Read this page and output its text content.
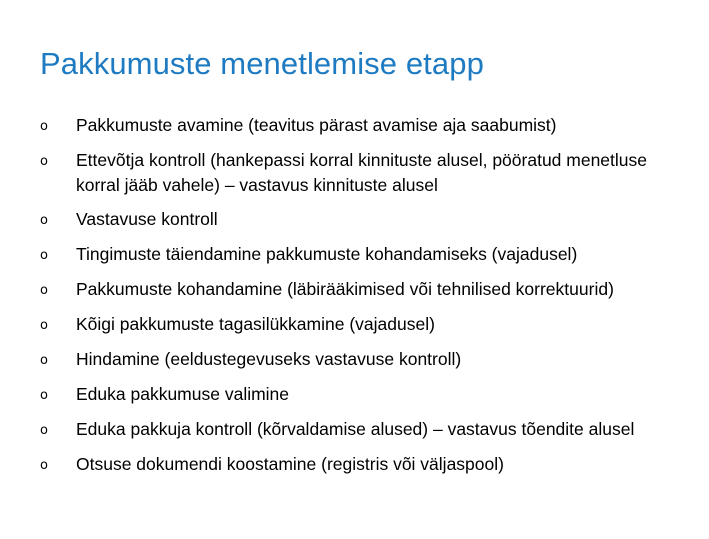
Pakkumuste menetlemise etapp
o	Pakkumuste avamine (teavitus pärast avamise aja saabumist)
o	Ettevõtja kontroll (hankepassi korral kinnituste alusel, pööratud menetluse korral jääb vahele) – vastavus kinnituste alusel
o	Vastavuse kontroll
o	Tingimuste täiendamine pakkumuste kohandamiseks (vajadusel)
o	Pakkumuste kohandamine (läbirääkimised või tehnilised korrektuurid)
o	Kõigi pakkumuste tagasilükkamine (vajadusel)
o	Hindamine (eeldustegevuseks vastavuse kontroll)
o	Eduka pakkumuse valimine
o	Eduka pakkuja kontroll (kõrvaldamise alused) – vastavus tõendite alusel
o	Otsuse dokumendi koostamine (registris või väljaspool)
